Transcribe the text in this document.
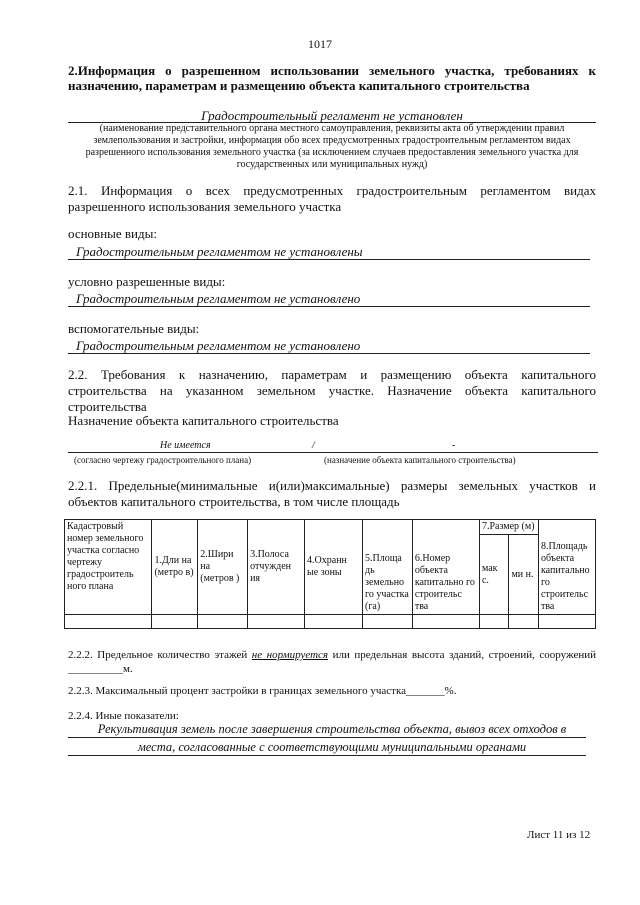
1017
2.Информация о разрешенном использовании земельного участка, требованиях к назначению, параметрам и размещению объекта капитального строительства
Градостроительный регламент не установлен
(наименование представительного органа местного самоуправления, реквизиты акта об утверждении правил землепользования и застройки, информация обо всех предусмотренных градостроительным регламентом видах разрешенного использования земельного участка (за исключением случаев предоставления земельного участка для государственных или муниципальных нужд)
2.1. Информация о всех предусмотренных градостроительным регламентом видах разрешенного использования земельного участка
основные виды:
Градостроительным регламентом не установлены
условно разрешенные виды:
Градостроительным регламентом не установлено
вспомогательные виды:
Градостроительным регламентом не установлено
2.2. Требования к назначению, параметрам и размещению объекта капитального строительства на указанном земельном участке. Назначение объекта капитального строительства
Назначение объекта капитального строительства
Не имеется	/	-
(согласно чертежу градостроительного плана)	(назначение объекта капитального строительства)
2.2.1. Предельные(минимальные и(или)максимальные) размеры земельных участков и объектов капитального строительства, в том числе площадь
Кадастровый номер земельного участка согласно чертежу градостроитель ного плана	1.Дли на (метро в)	2.Шири на (метров )	3.Полоса отчужден ия	4.Охранн ые зоны	5.Площа дь земельно го участка (га)	6.Номер объекта капитально го строительс тва	7.Размер (м)		8.Площадь объекта капитально го строительс тва
							мак с.	ми н.	

2.2.2. Предельное количество этажей не нормируется или предельная высота зданий, строений, сооружений __________м.
2.2.3. Максимальный процент застройки в границах земельного участка_______%.
2.2.4. Иные показатели:
Рекультивация земель после завершения строительства объекта, вывоз всех отходов в
места, согласованные с соответствующими муниципальными органами
Лист 11 из 12
